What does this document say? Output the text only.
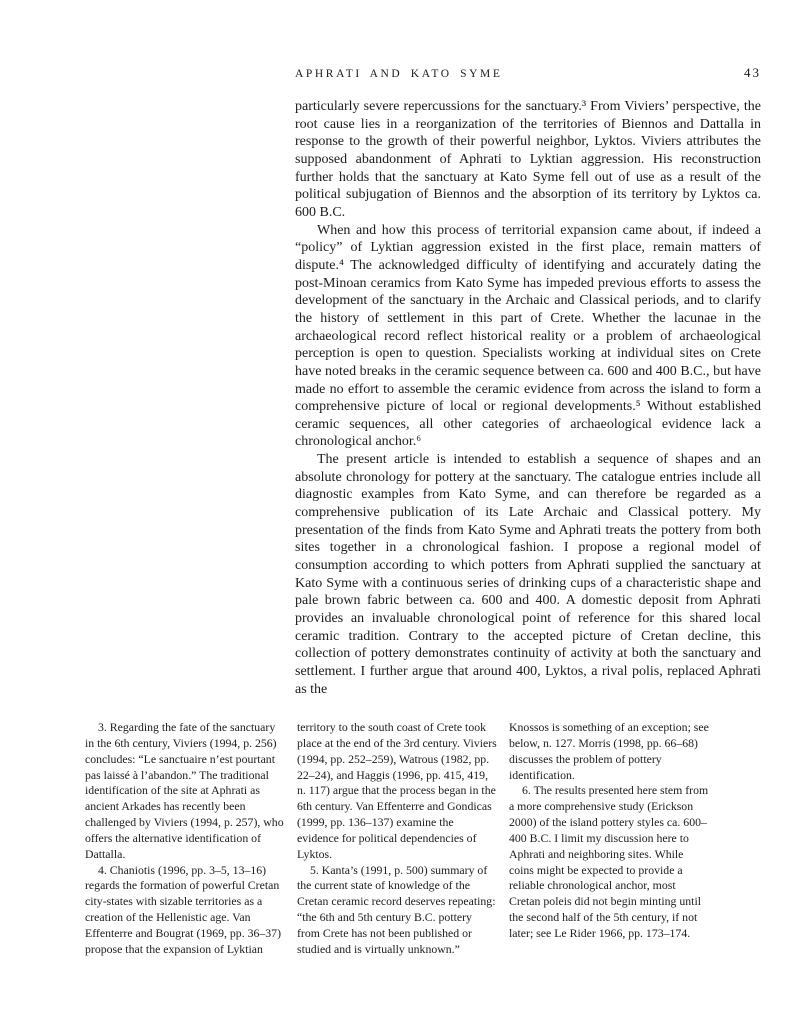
APHRATI AND KATO SYME	43

particularly severe repercussions for the sanctuary.³ From Viviers’ perspective, the root cause lies in a reorganization of the territories of Biennos and Dattalla in response to the growth of their powerful neighbor, Lyktos. Viviers attributes the supposed abandonment of Aphrati to Lyktian aggression. His reconstruction further holds that the sanctuary at Kato Syme fell out of use as a result of the political subjugation of Biennos and the absorption of its territory by Lyktos ca. 600 B.C.

When and how this process of territorial expansion came about, if indeed a “policy” of Lyktian aggression existed in the first place, remain matters of dispute.⁴ The acknowledged difficulty of identifying and accurately dating the post-Minoan ceramics from Kato Syme has impeded previous efforts to assess the development of the sanctuary in the Archaic and Classical periods, and to clarify the history of settlement in this part of Crete. Whether the lacunae in the archaeological record reflect historical reality or a problem of archaeological perception is open to question. Specialists working at individual sites on Crete have noted breaks in the ceramic sequence between ca. 600 and 400 B.C., but have made no effort to assemble the ceramic evidence from across the island to form a comprehensive picture of local or regional developments.⁵ Without established ceramic sequences, all other categories of archaeological evidence lack a chronological anchor.⁶

The present article is intended to establish a sequence of shapes and an absolute chronology for pottery at the sanctuary. The catalogue entries include all diagnostic examples from Kato Syme, and can therefore be regarded as a comprehensive publication of its Late Archaic and Classical pottery. My presentation of the finds from Kato Syme and Aphrati treats the pottery from both sites together in a chronological fashion. I propose a regional model of consumption according to which potters from Aphrati supplied the sanctuary at Kato Syme with a continuous series of drinking cups of a characteristic shape and pale brown fabric between ca. 600 and 400. A domestic deposit from Aphrati provides an invaluable chronological point of reference for this shared local ceramic tradition. Contrary to the accepted picture of Cretan decline, this collection of pottery demonstrates continuity of activity at both the sanctuary and settlement. I further argue that around 400, Lyktos, a rival polis, replaced Aphrati as the

3. Regarding the fate of the sanctuary in the 6th century, Viviers (1994, p. 256) concludes: “Le sanctuaire n’est pourtant pas laissé à l’abandon.” The traditional identification of the site at Aphrati as ancient Arkades has recently been challenged by Viviers (1994, p. 257), who offers the alternative identification of Dattalla.

4. Chaniotis (1996, pp. 3–5, 13–16) regards the formation of powerful Cretan city-states with sizable territories as a creation of the Hellenistic age. Van Effenterre and Bougrat (1969, pp. 36–37) propose that the expansion of Lyktian

territory to the south coast of Crete took place at the end of the 3rd century. Viviers (1994, pp. 252–259), Watrous (1982, pp. 22–24), and Haggis (1996, pp. 415, 419, n. 117) argue that the process began in the 6th century. Van Effenterre and Gondicas (1999, pp. 136–137) examine the evidence for political dependencies of Lyktos.

5. Kanta’s (1991, p. 500) summary of the current state of knowledge of the Cretan ceramic record deserves repeating: “the 6th and 5th century B.C. pottery from Crete has not been published or studied and is virtually unknown.”

Knossos is something of an exception; see below, n. 127. Morris (1998, pp. 66–68) discusses the problem of pottery identification.

6. The results presented here stem from a more comprehensive study (Erickson 2000) of the island pottery styles ca. 600–400 B.C. I limit my discussion here to Aphrati and neighboring sites. While coins might be expected to provide a reliable chronological anchor, most Cretan poleis did not begin minting until the second half of the 5th century, if not later; see Le Rider 1966, pp. 173–174.
